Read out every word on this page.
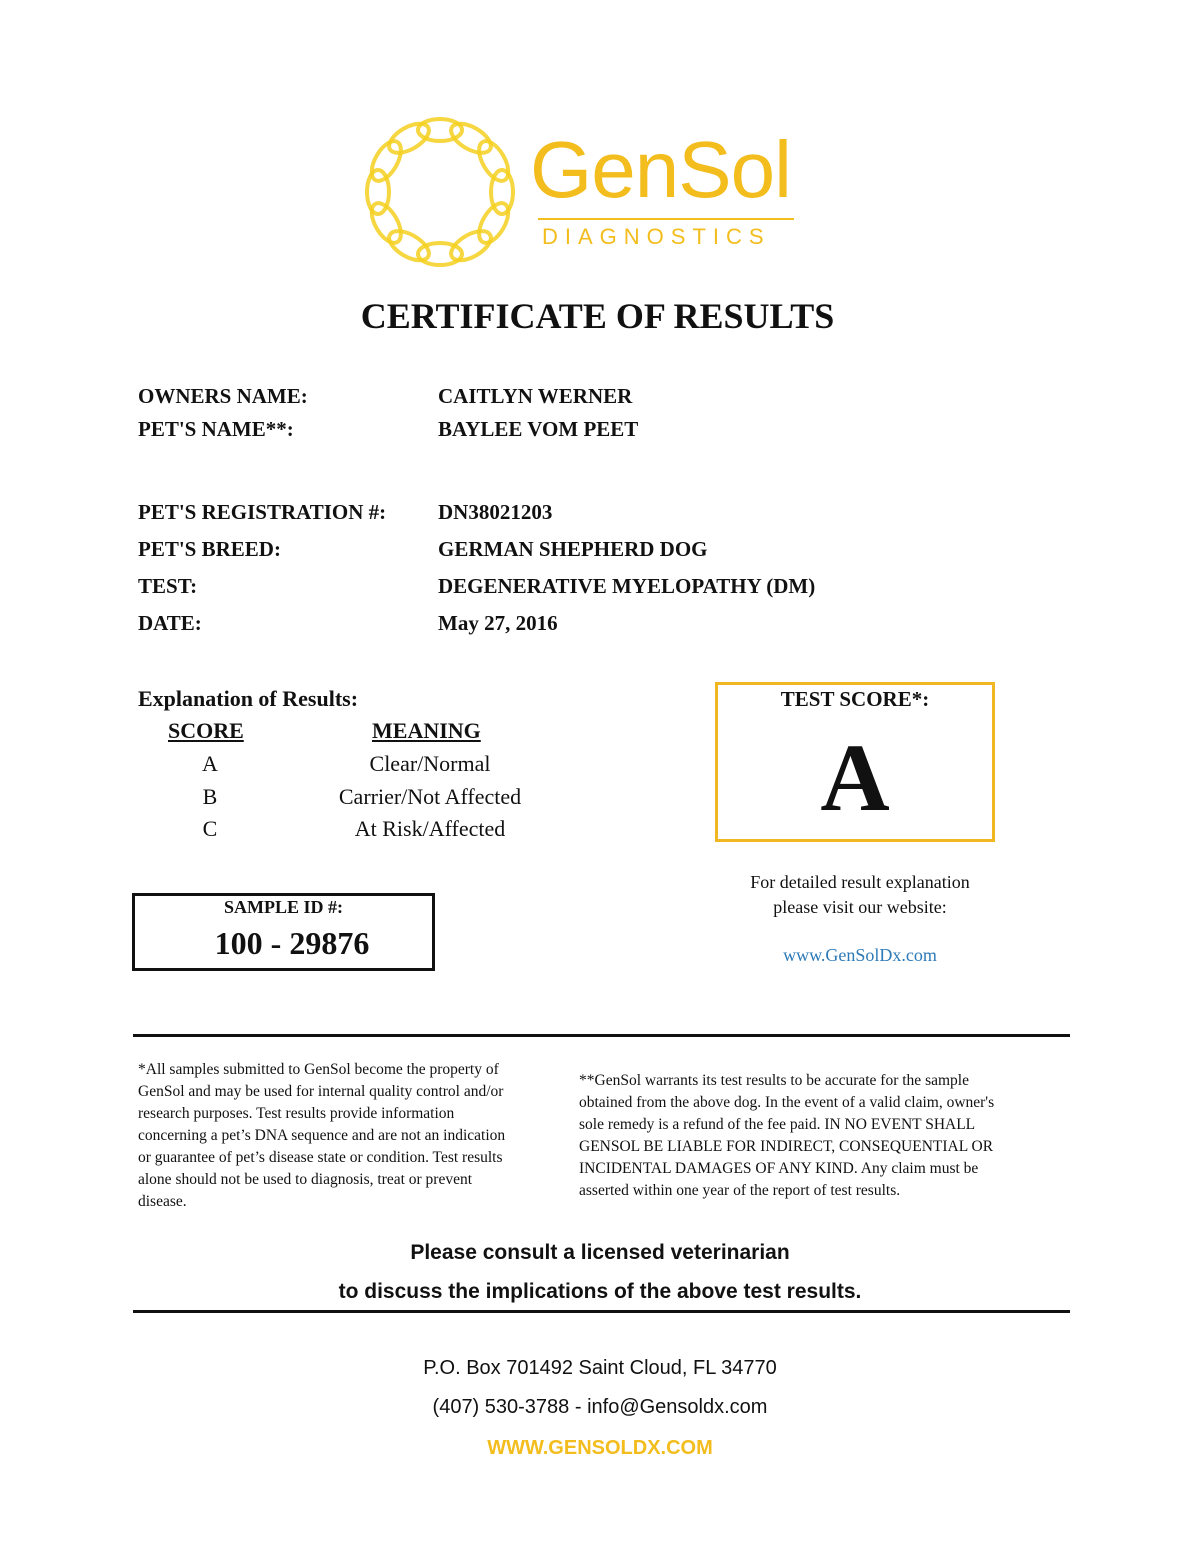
GenSol
DIAGNOSTICS
CERTIFICATE OF RESULTS
OWNERS NAME:	CAITLYN WERNER
PET'S NAME**:	BAYLEE VOM PEET
PET'S REGISTRATION #: DN38021203
PET'S BREED:	GERMAN SHEPHERD DOG
TEST:	DEGENERATIVE MYELOPATHY (DM)
DATE:	May 27, 2016
Explanation of Results:
SCORE	MEANING
A	Clear/Normal
B	Carrier/Not Affected
C	At Risk/Affected
TEST SCORE*:
A
SAMPLE ID #:
100 - 29876
For detailed result explanation
please visit our website:
www.GenSolDx.com
*All samples submitted to GenSol become the property of
GenSol and may be used for internal quality control and/or
research purposes. Test results provide information
concerning a pet’s DNA sequence and are not an indication
or guarantee of pet’s disease state or condition. Test results
alone should not be used to diagnosis, treat or prevent
disease.
**GenSol warrants its test results to be accurate for the sample
obtained from the above dog. In the event of a valid claim, owner's
sole remedy is a refund of the fee paid. IN NO EVENT SHALL
GENSOL BE LIABLE FOR INDIRECT, CONSEQUENTIAL OR
INCIDENTAL DAMAGES OF ANY KIND. Any claim must be
asserted within one year of the report of test results.
Please consult a licensed veterinarian
to discuss the implications of the above test results.
P.O. Box 701492 Saint Cloud, FL 34770
(407) 530-3788 - info@Gensoldx.com
WWW.GENSOLDX.COM
